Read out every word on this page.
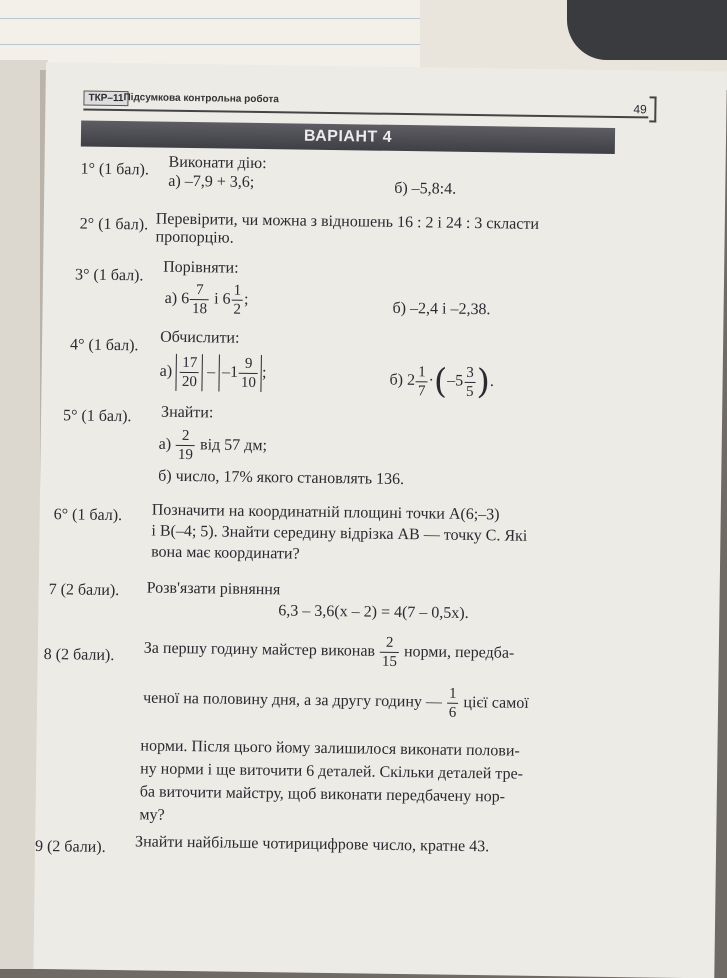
ТКР–11 Підсумкова контрольна робота
49
ВАРІАНТ 4
1° (1 бал). Виконати дію:
а) –7,9 + 3,6;	б) –5,8:4.
2° (1 бал). Перевірити, чи можна з відношень 16 : 2 і 24 : 3 скласти
пропорцію.
3° (1 бал). Порівняти:
а) $6 \frac{7}{18}$ і $6 \frac{1}{2}$ ;
б) –2,4 і –2,38.
4° (1 бал). Обчислити:
$а) \frac{17}{20} - -1 \frac{9}{10}$ ;	б) $2 \frac{1}{7} \cdot(-5 \frac{3}{5}$ ).
5° (1 бал). Знайти:
$а) \frac{2}{19}$ від 57 дм;
б) число, 17% якого становлять 136.
6° (1 бал). Позначити на координатній площині точки A(6;–3)
і B(–4; 5). Знайти середину відрізка AB — точку C. Які
вона має координати?
7 (2 бали). Розв'язати рівняння
6,3 – 3,6(x – 2) = 4(7 – 0,5x).
8 (2 бали). За першу годину майстер виконав $\frac{2}{15}$ норми, передба-
ченої на половину дня, а за другу годину — $\frac{1}{6}$ цієї самої
норми. Після цього йому залишилося виконати полови-
ну норми і ще виточити 6 деталей. Скільки деталей тре-
ба виточити майстру, щоб виконати передбачену нор-
му?
9 (2 бали). Знайти найбільше чотирицифрове число, кратне 43.
